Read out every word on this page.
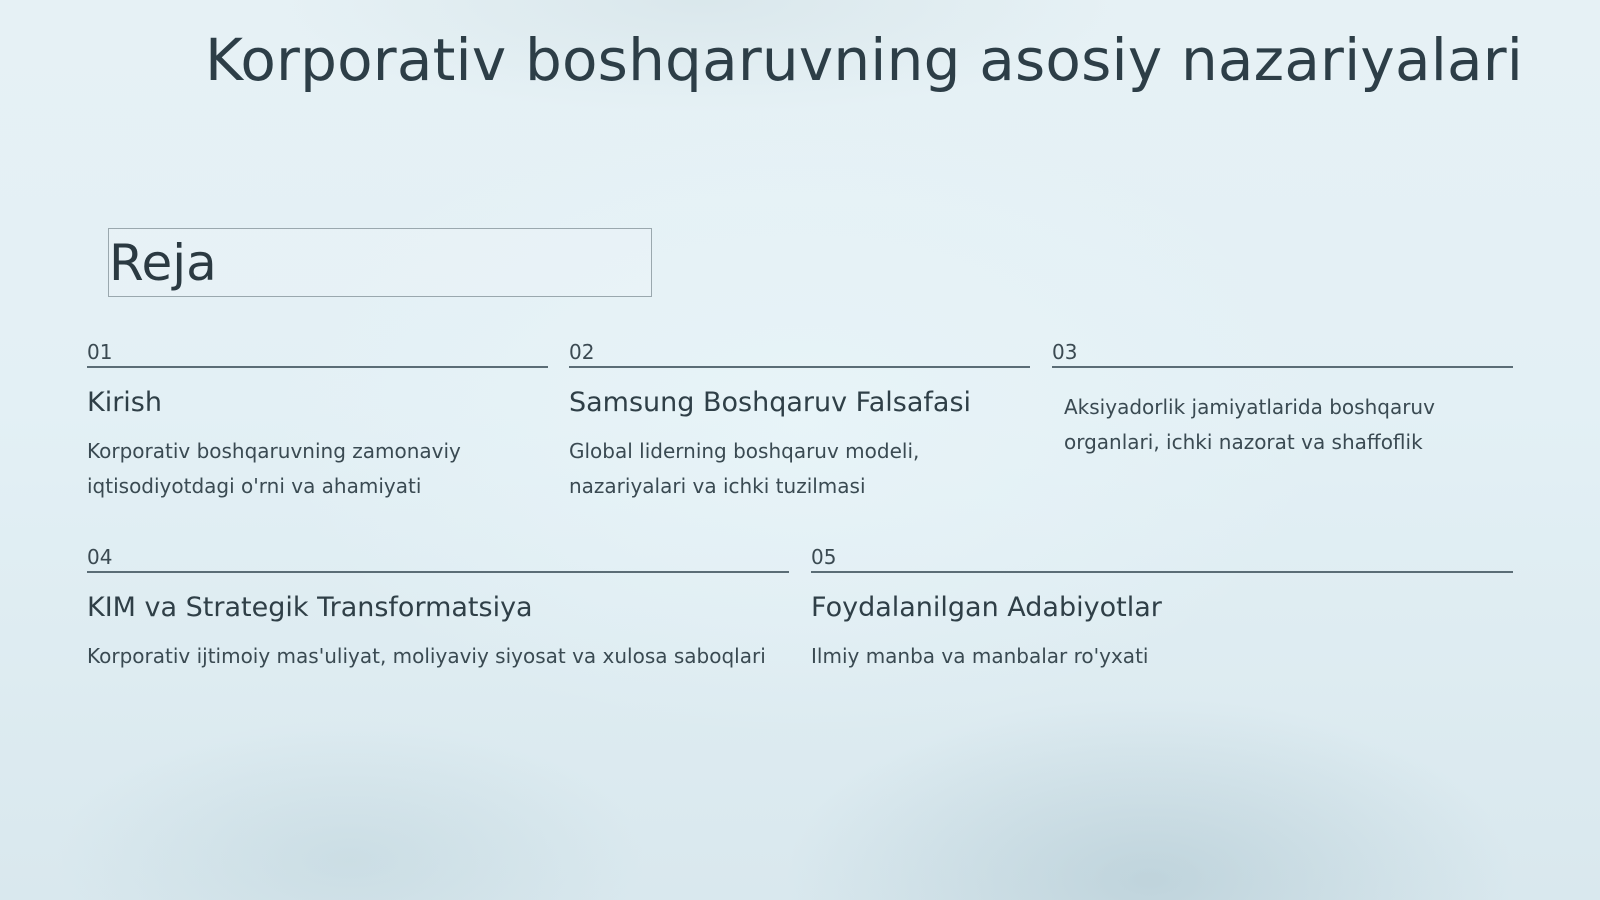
Korporativ boshqaruvning asosiy nazariyalari
Reja
01
Kirish
Korporativ boshqaruvning zamonaviy iqtisodiyotdagi o'rni va ahamiyati
02
Samsung Boshqaruv Falsafasi
Global liderning boshqaruv modeli, nazariyalari va ichki tuzilmasi
03
Aksiyadorlik jamiyatlarida boshqaruv organlari, ichki nazorat va shaffoflik
04
KIM va Strategik Transformatsiya
Korporativ ijtimoiy mas'uliyat, moliyaviy siyosat va xulosa saboqlari
05
Foydalanilgan Adabiyotlar
Ilmiy manba va manbalar ro'yxati
